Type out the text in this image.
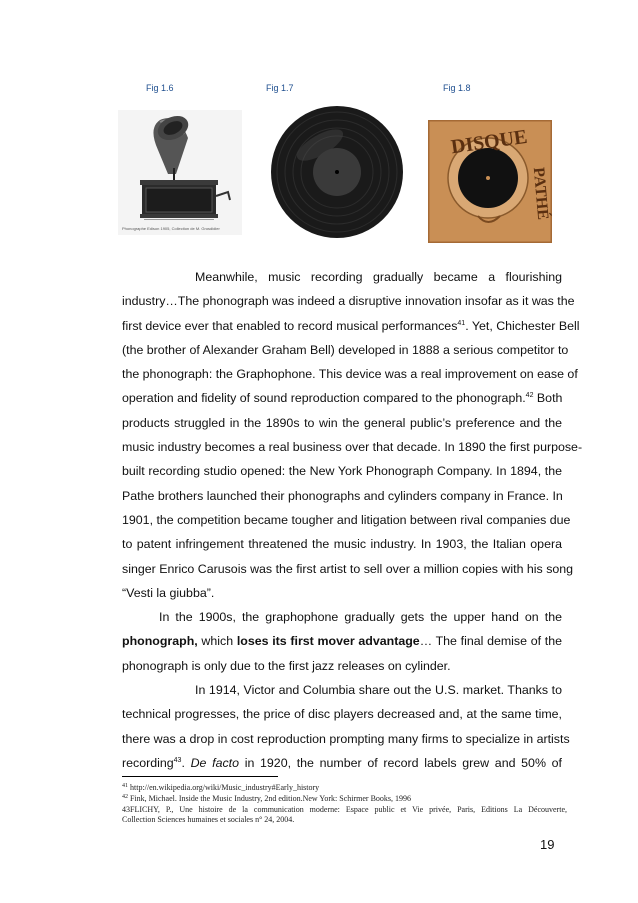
Fig 1.6	Fig 1.7	Fig 1.8
Phonographe Edison 1905, Collection de M. Grosdidier
DISQUE
PATHÉ
Meanwhile, music recording gradually became a flourishing
industry…The phonograph was indeed a disruptive innovation insofar as it was the
first device ever that enabled to record musical performances$^{41}$. Yet, Chichester Bell
(the brother of Alexander Graham Bell) developed in 1888 a serious competitor to
the phonograph: the Graphophone. This device was a real improvement on ease of
operation and fidelity of sound reproduction compared to the phonograph.$^{42}$ Both
products struggled in the 1890s to win the general public’s preference and the
music industry becomes a real business over that decade. In 1890 the first purpose-
built recording studio opened: the New York Phonograph Company. In 1894, the
Pathe brothers launched their phonographs and cylinders company in France. In
1901, the competition became tougher and litigation between rival companies due
to patent infringement threatened the music industry. In 1903, the Italian opera
singer Enrico Carusois was the first artist to sell over a million copies with his song
“Vesti la giubba”.
In the 1900s, the graphophone gradually gets the upper hand on the
phonograph, which loses its first mover advantage… The final demise of the
phonograph is only due to the first jazz releases on cylinder.
In 1914, Victor and Columbia share out the U.S. market. Thanks to
technical progresses, the price of disc players decreased and, at the same time,
there was a drop in cost reproduction prompting many firms to specialize in artists
recording$^{43}$. De facto in 1920, the number of record labels grew and 50% of
$^{41}$ http://en.wikipedia.org/wiki/Music_industry#Early_history
$^{42}$ Fink, Michael. Inside the Music Industry, 2nd edition.New York: Schirmer Books, 1996
43FLICHY, P., Une histoire de la communication moderne: Espace public et Vie privée, Paris, Editions La Découverte,
Collection Sciences humaines et sociales n° 24, 2004.
19
